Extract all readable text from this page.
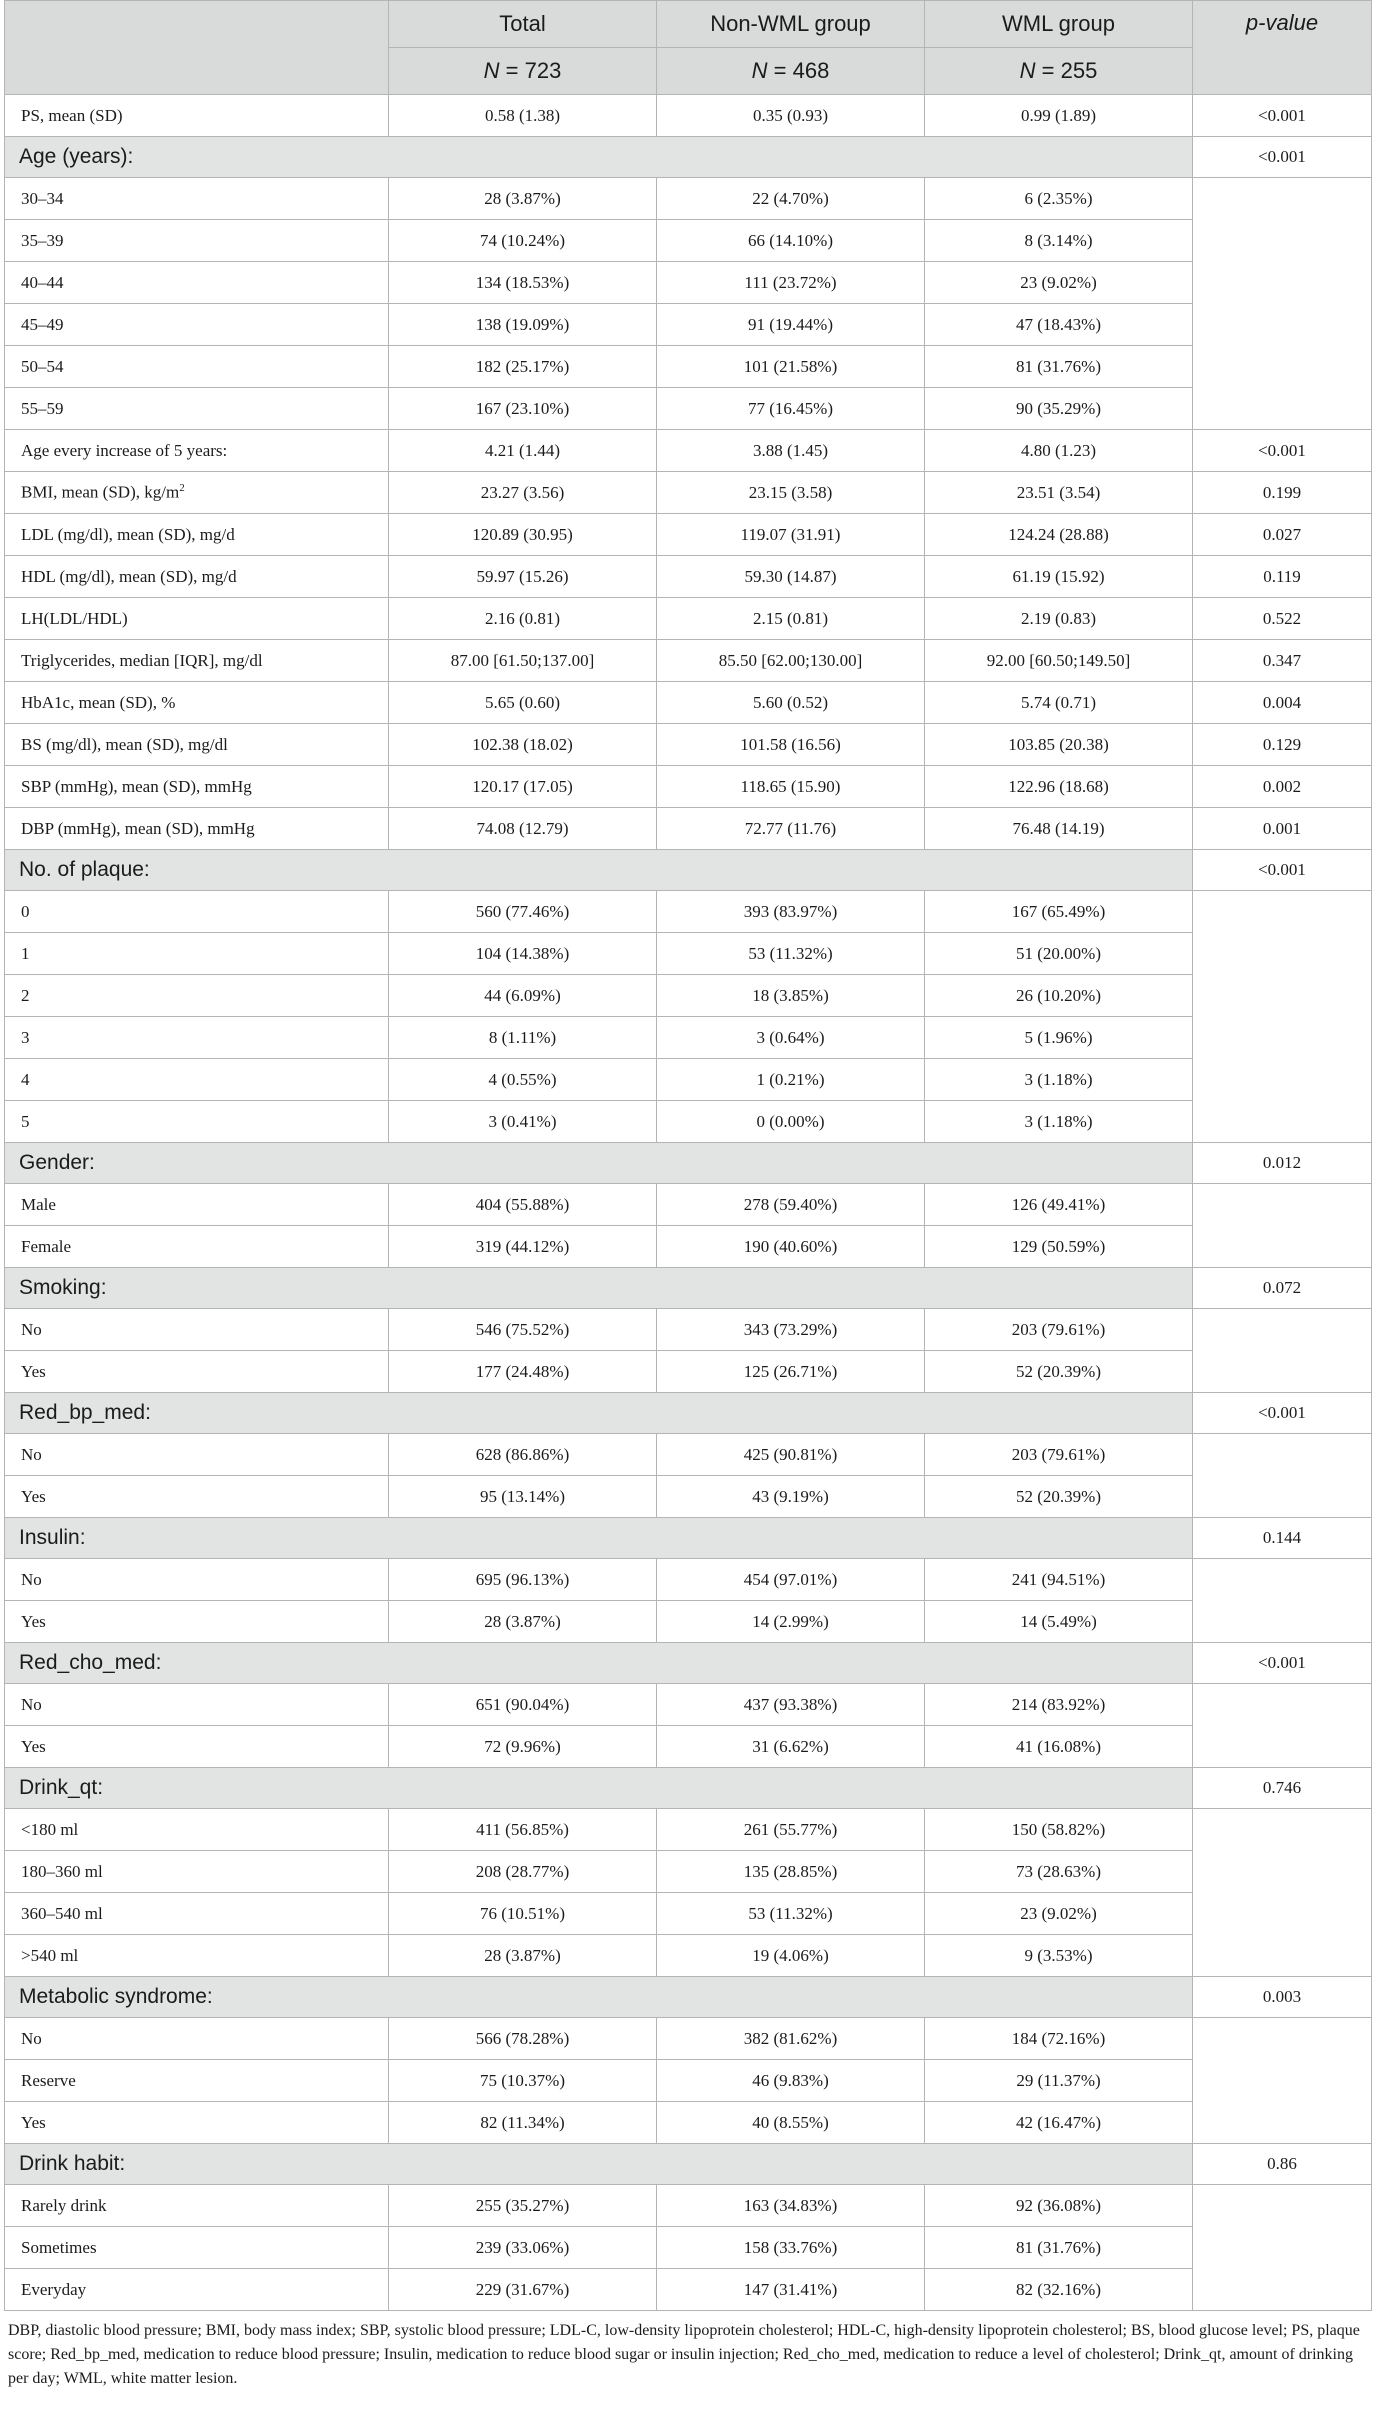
	Total	Non-WML group	WML group	p-value
	N = 723	N = 468	N = 255	
PS, mean (SD)	0.58 (1.38)	0.35 (0.93)	0.99 (1.89)	<0.001
Age (years):				<0.001
30–34	28 (3.87%)	22 (4.70%)	6 (2.35%)	
35–39	74 (10.24%)	66 (14.10%)	8 (3.14%)	
40–44	134 (18.53%)	111 (23.72%)	23 (9.02%)	
45–49	138 (19.09%)	91 (19.44%)	47 (18.43%)	
50–54	182 (25.17%)	101 (21.58%)	81 (31.76%)	
55–59	167 (23.10%)	77 (16.45%)	90 (35.29%)	
Age every increase of 5 years:	4.21 (1.44)	3.88 (1.45)	4.80 (1.23)	<0.001
BMI, mean (SD), $kg/m^2$	23.27 (3.56)	23.15 (3.58)	23.51 (3.54)	0.199
LDL (mg/dl), mean (SD), mg/d	120.89 (30.95)	119.07 (31.91)	124.24 (28.88)	0.027
HDL (mg/dl), mean (SD), mg/d	59.97 (15.26)	59.30 (14.87)	61.19 (15.92)	0.119
LH(LDL/HDL)	2.16 (0.81)	2.15 (0.81)	2.19 (0.83)	0.522
Triglycerides, median [IQR], mg/dl	87.00 [61.50;137.00]	85.50 [62.00;130.00]	92.00 [60.50;149.50]	0.347
HbA1c, mean (SD), %	5.65 (0.60)	5.60 (0.52)	5.74 (0.71)	0.004
BS (mg/dl), mean (SD), mg/dl	102.38 (18.02)	101.58 (16.56)	103.85 (20.38)	0.129
SBP (mmHg), mean (SD), mmHg	120.17 (17.05)	118.65 (15.90)	122.96 (18.68)	0.002
DBP (mmHg), mean (SD), mmHg	74.08 (12.79)	72.77 (11.76)	76.48 (14.19)	0.001
No. of plaque:				<0.001
0	560 (77.46%)	393 (83.97%)	167 (65.49%)	
1	104 (14.38%)	53 (11.32%)	51 (20.00%)	
2	44 (6.09%)	18 (3.85%)	26 (10.20%)	
3	8 (1.11%)	3 (0.64%)	5 (1.96%)	
4	4 (0.55%)	1 (0.21%)	3 (1.18%)	
5	3 (0.41%)	0 (0.00%)	3 (1.18%)	
Gender:				0.012
Male	404 (55.88%)	278 (59.40%)	126 (49.41%)	
Female	319 (44.12%)	190 (40.60%)	129 (50.59%)	
Smoking:				0.072
No	546 (75.52%)	343 (73.29%)	203 (79.61%)	
Yes	177 (24.48%)	125 (26.71%)	52 (20.39%)	
Red_bp_med:				<0.001
No	628 (86.86%)	425 (90.81%)	203 (79.61%)	
Yes	95 (13.14%)	43 (9.19%)	52 (20.39%)	
Insulin:				0.144
No	695 (96.13%)	454 (97.01%)	241 (94.51%)	
Yes	28 (3.87%)	14 (2.99%)	14 (5.49%)	
Red_cho_med:				<0.001
No	651 (90.04%)	437 (93.38%)	214 (83.92%)	
Yes	72 (9.96%)	31 (6.62%)	41 (16.08%)	
Drink_qt:				0.746
<180 ml	411 (56.85%)	261 (55.77%)	150 (58.82%)	
180–360 ml	208 (28.77%)	135 (28.85%)	73 (28.63%)	
360–540 ml	76 (10.51%)	53 (11.32%)	23 (9.02%)	
>540 ml	28 (3.87%)	19 (4.06%)	9 (3.53%)	
Metabolic syndrome:				0.003
No	566 (78.28%)	382 (81.62%)	184 (72.16%)	
Reserve	75 (10.37%)	46 (9.83%)	29 (11.37%)	
Yes	82 (11.34%)	40 (8.55%)	42 (16.47%)	
Drink habit:				0.86
Rarely drink	255 (35.27%)	163 (34.83%)	92 (36.08%)	
Sometimes	239 (33.06%)	158 (33.76%)	81 (31.76%)	
Everyday	229 (31.67%)	147 (31.41%)	82 (32.16%)	
DBP, diastolic blood pressure; BMI, body mass index; SBP, systolic blood pressure; LDL-C, low-density lipoprotein cholesterol; HDL-C, high-density lipoprotein cholesterol; BS, blood glucose level; PS, plaque score; Red_bp_med, medication to reduce blood pressure; Insulin, medication to reduce blood sugar or insulin injection; Red_cho_med, medication to reduce a level of cholesterol; Drink_qt, amount of drinking per day; WML, white matter lesion.
